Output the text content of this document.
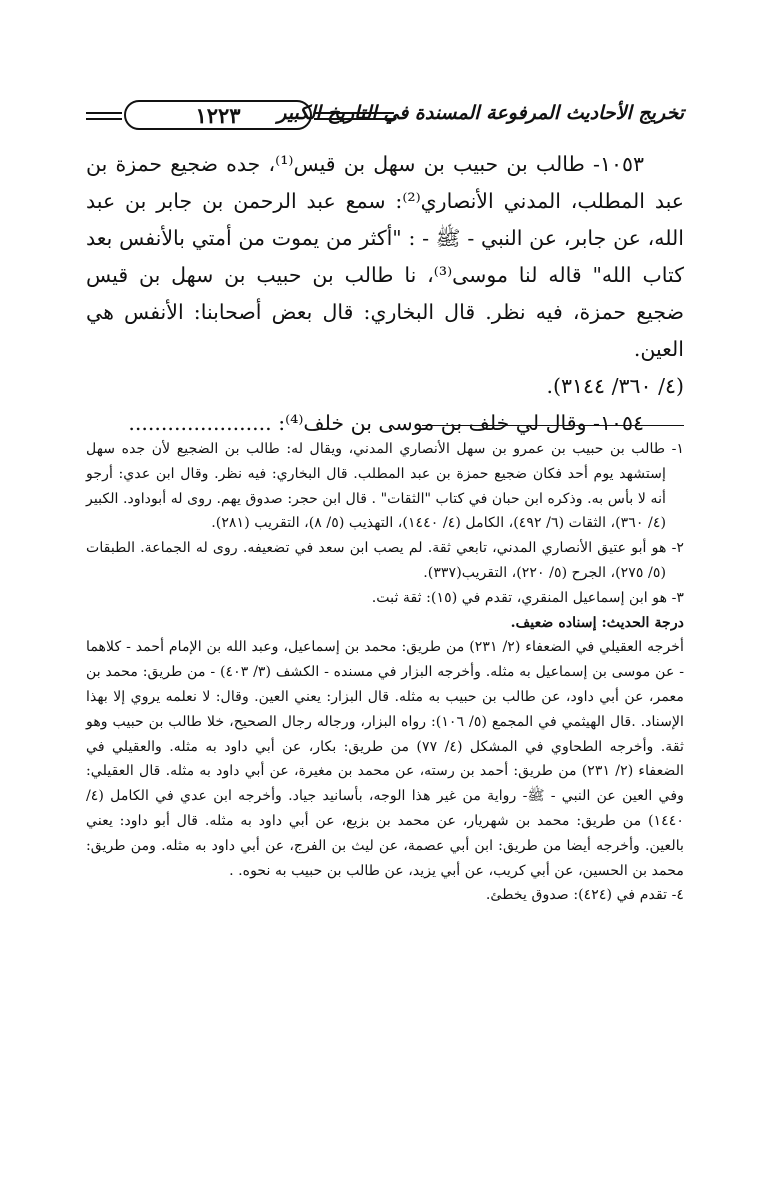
تخريج الأحاديث المرفوعة المسندة في التاريخ الكبير
١٢٢٣

١٠٥٣- طالب بن حبيب بن سهل بن قيس⁽¹⁾، جده ضجيع حمزة بن عبد المطلب، المدني الأنصاري⁽²⁾: سمع عبد الرحمن بن جابر بن عبد الله، عن جابر، عن النبي - ﷺ - : "أكثر من يموت من أمتي بالأنفس بعد كتاب الله" قاله لنا موسى⁽³⁾، نا طالب بن حبيب بن سهل بن قيس ضجيع حمزة، فيه نظر. قال البخاري: قال بعض أصحابنا: الأنفس هي العين.

(٤/ ٣٦٠/ ٣١٤٤).

١٠٥٤- وقال لي خلف بن موسى بن خلف⁽⁴⁾: ......................

١- طالب بن حبيب بن عمرو بن سهل الأنصاري المدني، ويقال له: طالب بن الضجيع لأن جده سهل إستشهد يوم أحد فكان ضجيع حمزة بن عبد المطلب. قال البخاري: فيه نظر. وقال ابن عدي: أرجو أنه لا بأس به. وذكره ابن حبان في كتاب "الثقات" . قال ابن حجر: صدوق يهم. روى له أبوداود. الكبير (٤/ ٣٦٠)، الثقات (٦/ ٤٩٢)، الكامل (٤/ ١٤٤٠)، التهذيب (٥/ ٨)، التقريب (٢٨١).

٢- هو أبو عتيق الأنصاري المدني، تابعي ثقة. لم يصب ابن سعد في تضعيفه. روى له الجماعة. الطبقات (٥/ ٢٧٥)، الجرح (٥/ ٢٢٠)، التقريب(٣٣٧).

٣- هو ابن إسماعيل المنقري، تقدم في (١٥): ثقة ثبت.

درجة الحديث: إسناده ضعيف.

أخرجه العقيلي في الضعفاء (٢/ ٢٣١) من طريق: محمد بن إسماعيل، وعبد الله بن الإمام أحمد - كلاهما - عن موسى بن إسماعيل به مثله. وأخرجه البزار في مسنده - الكشف (٣/ ٤٠٣) - من طريق: محمد بن معمر، عن أبي داود، عن طالب بن حبيب به مثله. قال البزار: يعني العين. وقال: لا نعلمه يروي إلا بهذا الإسناد. .قال الهيثمي في المجمع (٥/ ١٠٦): رواه البزار، ورجاله رجال الصحيح، خلا طالب بن حبيب وهو ثقة. وأخرجه الطحاوي في المشكل (٤/ ٧٧) من طريق: بكار، عن أبي داود به مثله. والعقيلي في الضعفاء (٢/ ٢٣١) من طريق: أحمد بن رسته، عن محمد بن مغيرة، عن أبي داود به مثله. قال العقيلي: وفي العين عن النبي - ﷺ- رواية من غير هذا الوجه، بأسانيد جياد. وأخرجه ابن عدي في الكامل (٤/ ١٤٤٠) من طريق: محمد بن شهريار، عن محمد بن بزيع، عن أبي داود به مثله. قال أبو داود: يعني بالعين. وأخرجه أيضا من طريق: ابن أبي عصمة، عن ليث بن الفرج، عن أبي داود به مثله. ومن طريق: محمد بن الحسين، عن أبي كريب، عن أبي يزيد، عن طالب بن حبيب به نحوه. .

٤- تقدم في (٤٢٤): صدوق يخطئ.
